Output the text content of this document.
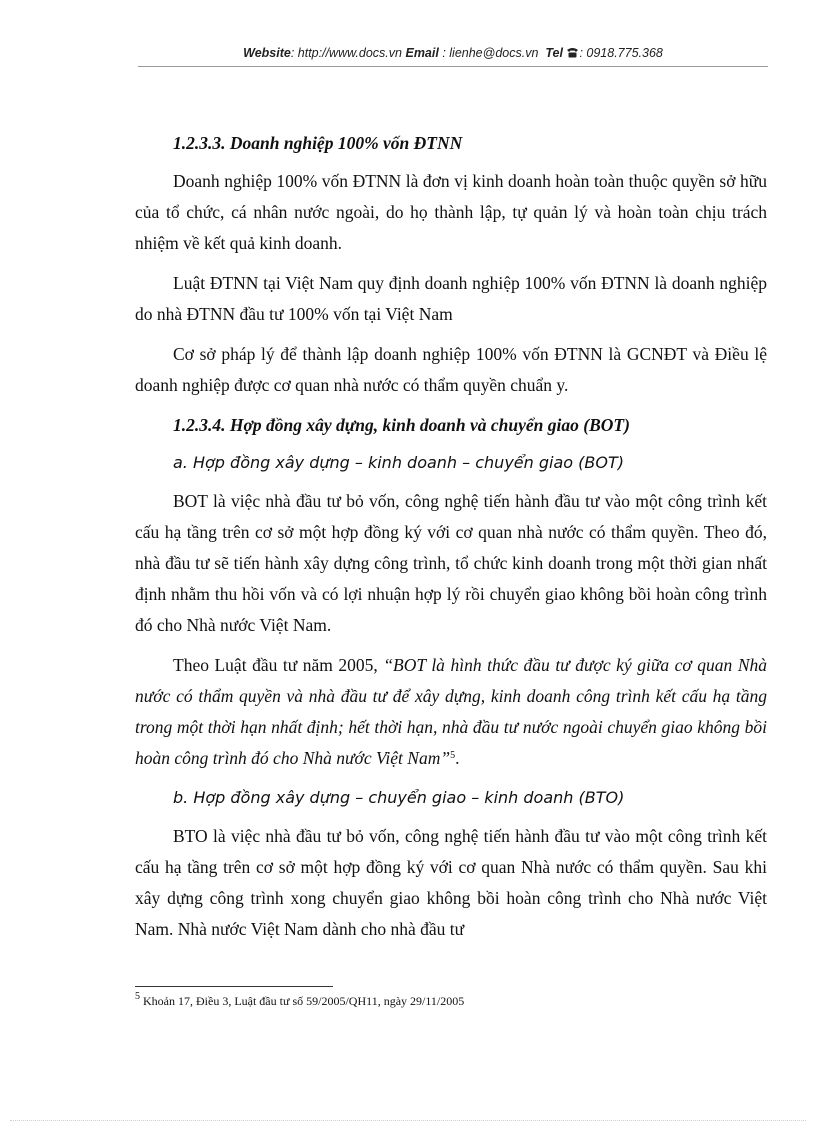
Website: http://www.docs.vn Email : lienhe@docs.vn Tel : 0918.775.368

1.2.3.3. Doanh nghiệp 100% vốn ĐTNN

Doanh nghiệp 100% vốn ĐTNN là đơn vị kinh doanh hoàn toàn thuộc quyền sở hữu của tổ chức, cá nhân nước ngoài, do họ thành lập, tự quản lý và hoàn toàn chịu trách nhiệm về kết quả kinh doanh.

Luật ĐTNN tại Việt Nam quy định doanh nghiệp 100% vốn ĐTNN là doanh nghiệp do nhà ĐTNN đầu tư 100% vốn tại Việt Nam

Cơ sở pháp lý để thành lập doanh nghiệp 100% vốn ĐTNN là GCNĐT và Điều lệ doanh nghiệp được cơ quan nhà nước có thẩm quyền chuẩn y.

1.2.3.4. Hợp đồng xây dựng, kinh doanh và chuyển giao (BOT)

a. Hợp đồng xây dựng – kinh doanh – chuyển giao (BOT)

BOT là việc nhà đầu tư bỏ vốn, công nghệ tiến hành đầu tư vào một công trình kết cấu hạ tầng trên cơ sở một hợp đồng ký với cơ quan nhà nước có thẩm quyền. Theo đó, nhà đầu tư sẽ tiến hành xây dựng công trình, tổ chức kinh doanh trong một thời gian nhất định nhằm thu hồi vốn và có lợi nhuận hợp lý rồi chuyển giao không bồi hoàn công trình đó cho Nhà nước Việt Nam.

Theo Luật đầu tư năm 2005, “BOT là hình thức đầu tư được ký giữa cơ quan Nhà nước có thẩm quyền và nhà đầu tư để xây dựng, kinh doanh công trình kết cấu hạ tầng trong một thời hạn nhất định; hết thời hạn, nhà đầu tư nước ngoài chuyển giao không bồi hoàn công trình đó cho Nhà nước Việt Nam”$^5$.

b. Hợp đồng xây dựng – chuyển giao – kinh doanh (BTO)

BTO là việc nhà đầu tư bỏ vốn, công nghệ tiến hành đầu tư vào một công trình kết cấu hạ tầng trên cơ sở một hợp đồng ký với cơ quan Nhà nước có thẩm quyền. Sau khi xây dựng công trình xong chuyển giao không bồi hoàn công trình cho Nhà nước Việt Nam. Nhà nước Việt Nam dành cho nhà đầu tư

$^5$ Khoản 17, Điều 3, Luật đầu tư số 59/2005/QH11, ngày 29/11/2005
